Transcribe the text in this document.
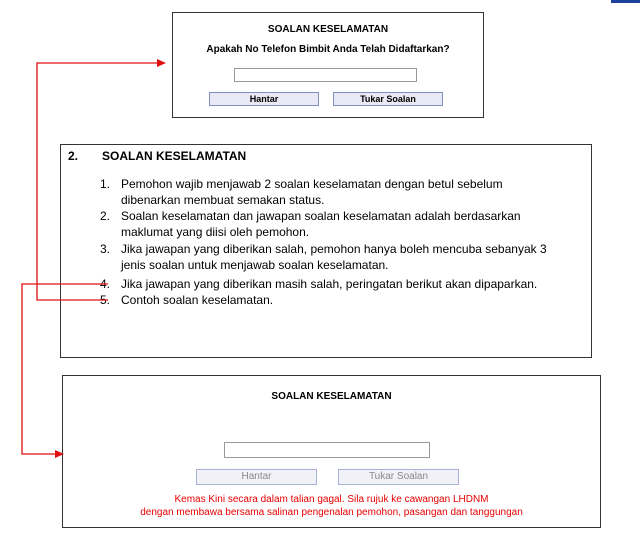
SOALAN KESELAMATAN
Apakah No Telefon Bimbit Anda Telah Didaftarkan?
Hantar	Tukar Soalan
2. SOALAN KESELAMATAN
1. Pemohon wajib menjawab 2 soalan keselamatan dengan betul sebelum
dibenarkan membuat semakan status.
2. Soalan keselamatan dan jawapan soalan keselamatan adalah berdasarkan
maklumat yang diisi oleh pemohon.
3. Jika jawapan yang diberikan salah, pemohon hanya boleh mencuba sebanyak 3
jenis soalan untuk menjawab soalan keselamatan.
4. Jika jawapan yang diberikan masih salah, peringatan berikut akan dipaparkan.
5. Contoh soalan keselamatan.
SOALAN KESELAMATAN
Hantar	Tukar Soalan
Kemas Kini secara dalam talian gagal. Sila rujuk ke cawangan LHDNM
dengan membawa bersama salinan pengenalan pemohon, pasangan dan tanggungan
